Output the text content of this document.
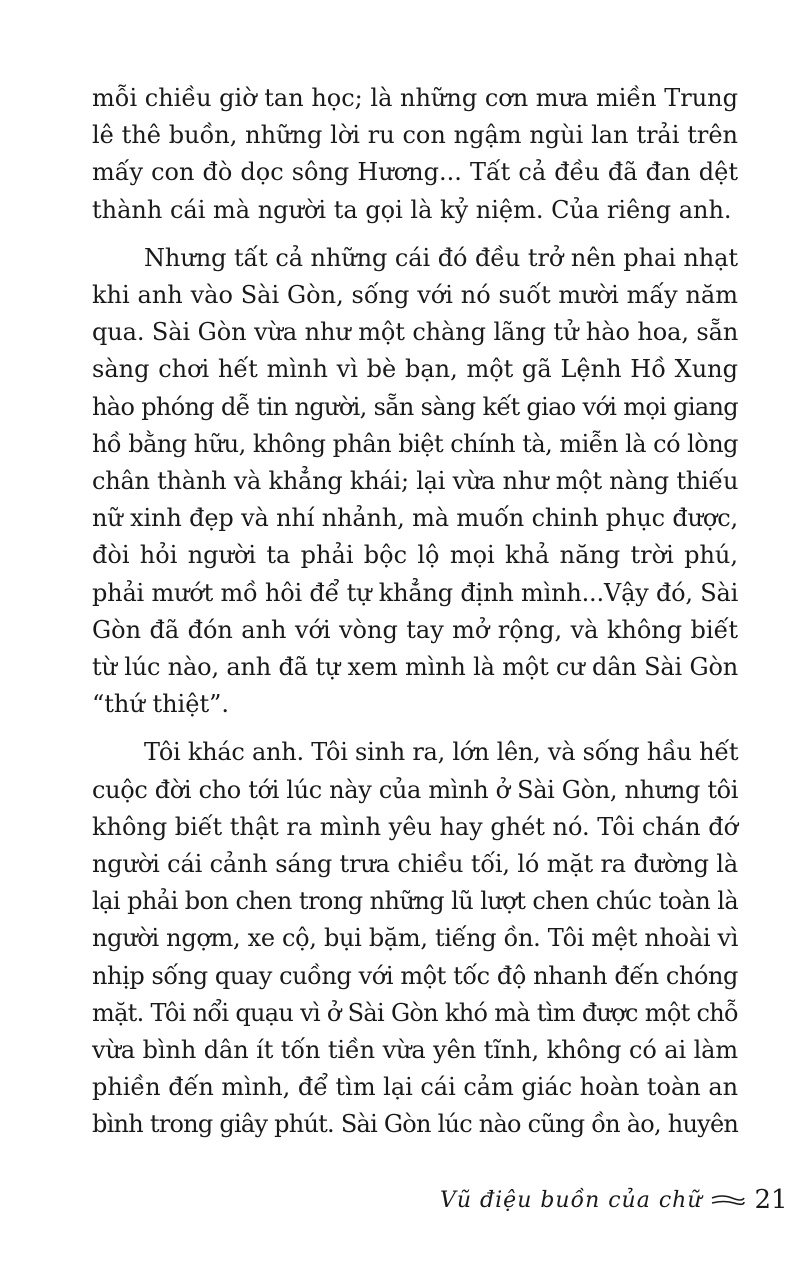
mỗi chiều giờ tan học; là những cơn mưa miền Trung
lê thê buồn, những lời ru con ngậm ngùi lan trải trên
mấy con đò dọc sông Hương... Tất cả đều đã đan dệt
thành cái mà người ta gọi là kỷ niệm. Của riêng anh.

Nhưng tất cả những cái đó đều trở nên phai nhạt
khi anh vào Sài Gòn, sống với nó suốt mười mấy năm
qua. Sài Gòn vừa như một chàng lãng tử hào hoa, sẵn
sàng chơi hết mình vì bè bạn, một gã Lệnh Hồ Xung
hào phóng dễ tin người, sẵn sàng kết giao với mọi giang
hồ bằng hữu, không phân biệt chính tà, miễn là có lòng
chân thành và khẳng khái; lại vừa như một nàng thiếu
nữ xinh đẹp và nhí nhảnh, mà muốn chinh phục được,
đòi hỏi người ta phải bộc lộ mọi khả năng trời phú,
phải mướt mồ hôi để tự khẳng định mình...Vậy đó, Sài
Gòn đã đón anh với vòng tay mở rộng, và không biết
từ lúc nào, anh đã tự xem mình là một cư dân Sài Gòn
“thứ thiệt”.

Tôi khác anh. Tôi sinh ra, lớn lên, và sống hầu hết
cuộc đời cho tới lúc này của mình ở Sài Gòn, nhưng tôi
không biết thật ra mình yêu hay ghét nó. Tôi chán đớ
người cái cảnh sáng trưa chiều tối, ló mặt ra đường là
lại phải bon chen trong những lũ lượt chen chúc toàn là
người ngợm, xe cộ, bụi bặm, tiếng ồn. Tôi mệt nhoài vì
nhịp sống quay cuồng với một tốc độ nhanh đến chóng
mặt. Tôi nổi quạu vì ở Sài Gòn khó mà tìm được một chỗ
vừa bình dân ít tốn tiền vừa yên tĩnh, không có ai làm
phiền đến mình, để tìm lại cái cảm giác hoàn toàn an
bình trong giây phút. Sài Gòn lúc nào cũng ồn ào, huyên

Vũ điệu buồn của chữ 21
